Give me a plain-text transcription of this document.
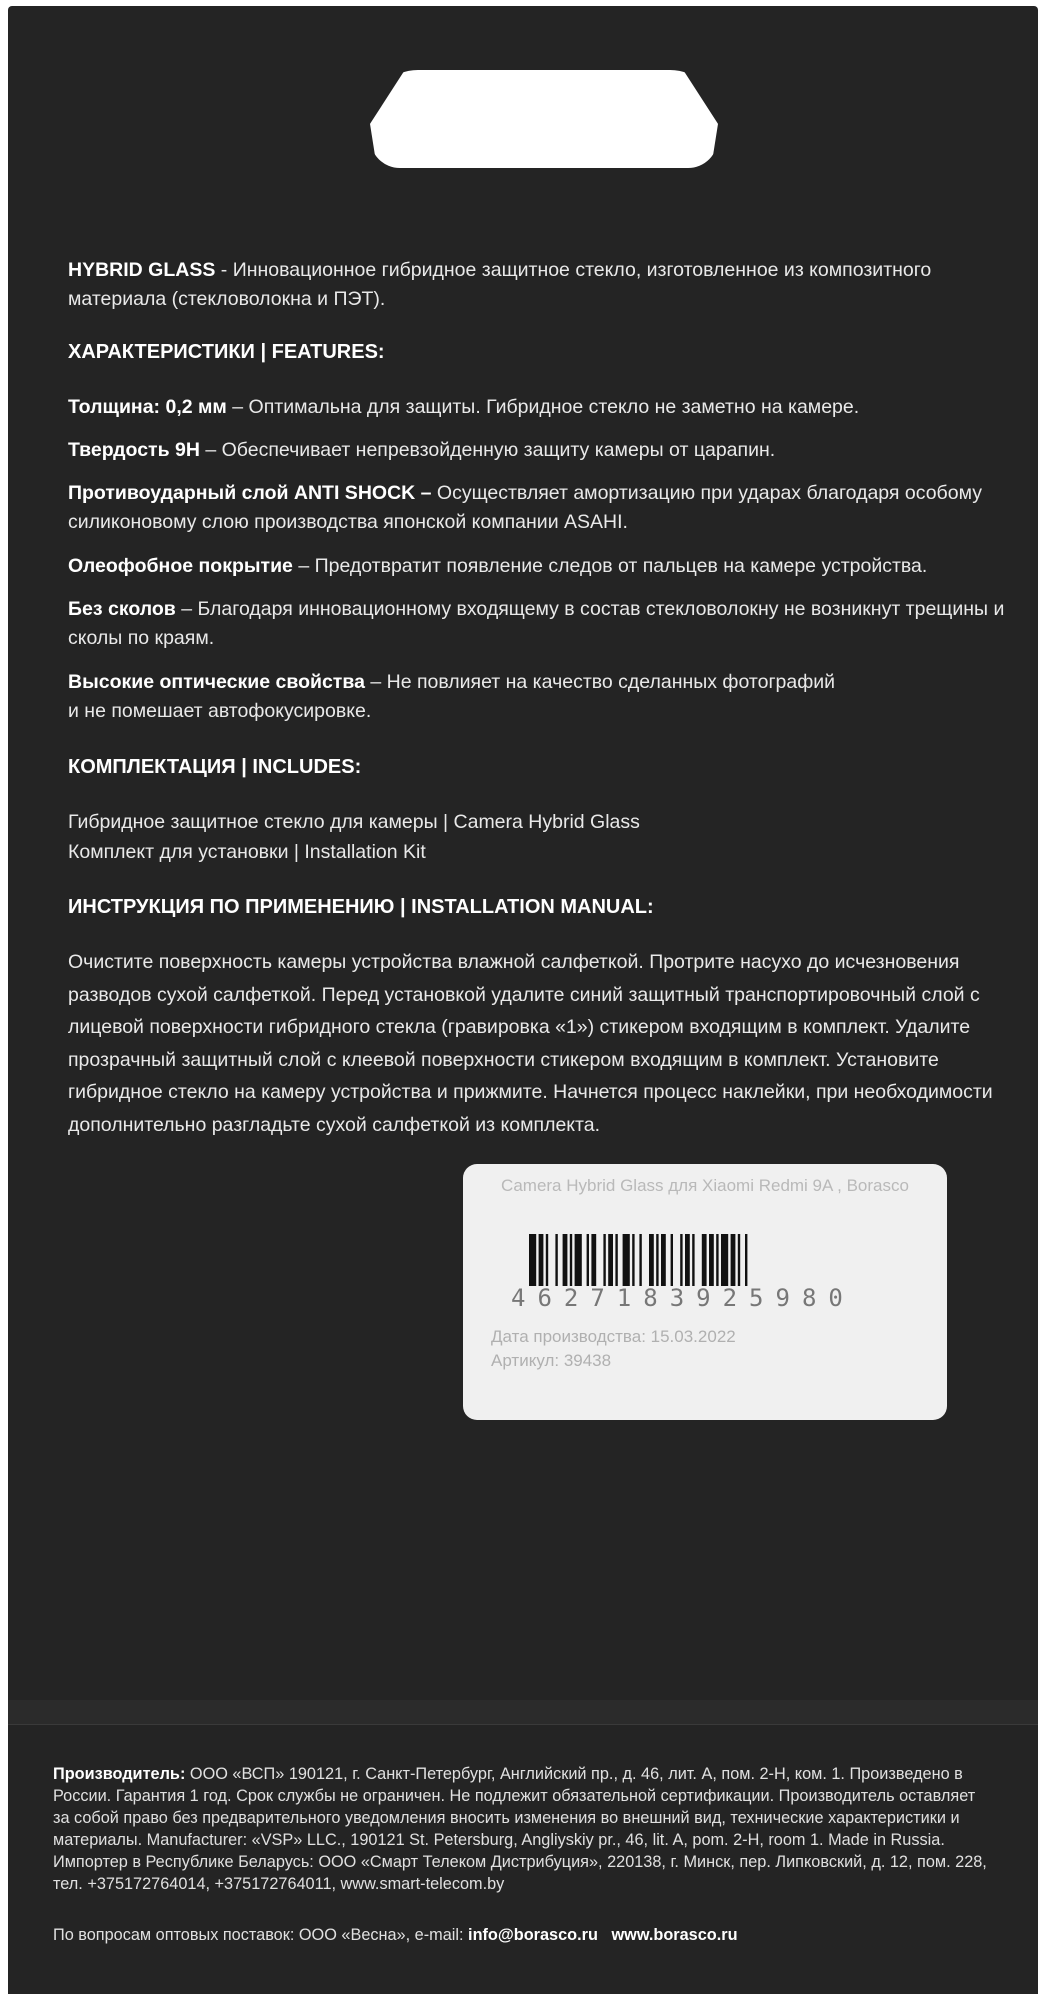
HYBRID GLASS - Инновационное гибридное защитное стекло, изготовленное из композитного материала (стекловолокна и ПЭТ).
ХАРАКТЕРИСТИКИ | FEATURES:
Толщина: 0,2 мм – Оптимальна для защиты. Гибридное стекло не заметно на камере.
Твердость 9H – Обеспечивает непревзойденную защиту камеры от царапин.
Противоударный слой ANTI SHOCK – Осуществляет амортизацию при ударах благодаря особому силиконовому слою производства японской компании ASAHI.
Олеофобное покрытие – Предотвратит появление следов от пальцев на камере устройства.
Без сколов – Благодаря инновационному входящему в состав стекловолокну не возникнут трещины и сколы по краям.
Высокие оптические свойства – Не повлияет на качество сделанных фотографий и не помешает автофокусировке.
КОМПЛЕКТАЦИЯ | INCLUDES:
Гибридное защитное стекло для камеры | Camera Hybrid Glass
Комплект для установки | Installation Kit
ИНСТРУКЦИЯ ПО ПРИМЕНЕНИЮ | INSTALLATION MANUAL:
Очистите поверхность камеры устройства влажной салфеткой. Протрите насухо до исчезновения разводов сухой салфеткой. Перед установкой удалите синий защитный транспортировочный слой с лицевой поверхности гибридного стекла (гравировка «1») стикером входящим в комплект. Удалите прозрачный защитный слой с клеевой поверхности стикером входящим в комплект. Установите гибридное стекло на камеру устройства и прижмите. Начнется процесс наклейки, при необходимости дополнительно разгладьте сухой салфеткой из комплекта.
Camera Hybrid Glass для Xiaomi Redmi 9A , Borasco
4627183925980
Дата производства: 15.03.2022
Артикул: 39438
Производитель: ООО «ВСП» 190121, г. Санкт-Петербург, Английский пр., д. 46, лит. А, пом. 2-Н, ком. 1. Произведено в России. Гарантия 1 год. Срок службы не ограничен. Не подлежит обязательной сертификации. Производитель оставляет за собой право без предварительного уведомления вносить изменения во внешний вид, технические характеристики и материалы. Manufacturer: «VSP» LLC., 190121 St. Petersburg, Angliyskiy pr., 46, lit. A, pom. 2-H, room 1. Made in Russia. Импортер в Республике Беларусь: ООО «Смарт Телеком Дистрибуция», 220138, г. Минск, пер. Липковский, д. 12, пом. 228, тел. +375172764014, +375172764011, www.smart-telecom.by
По вопросам оптовых поставок: ООО «Весна», e-mail: info@borasco.ru www.borasco.ru
